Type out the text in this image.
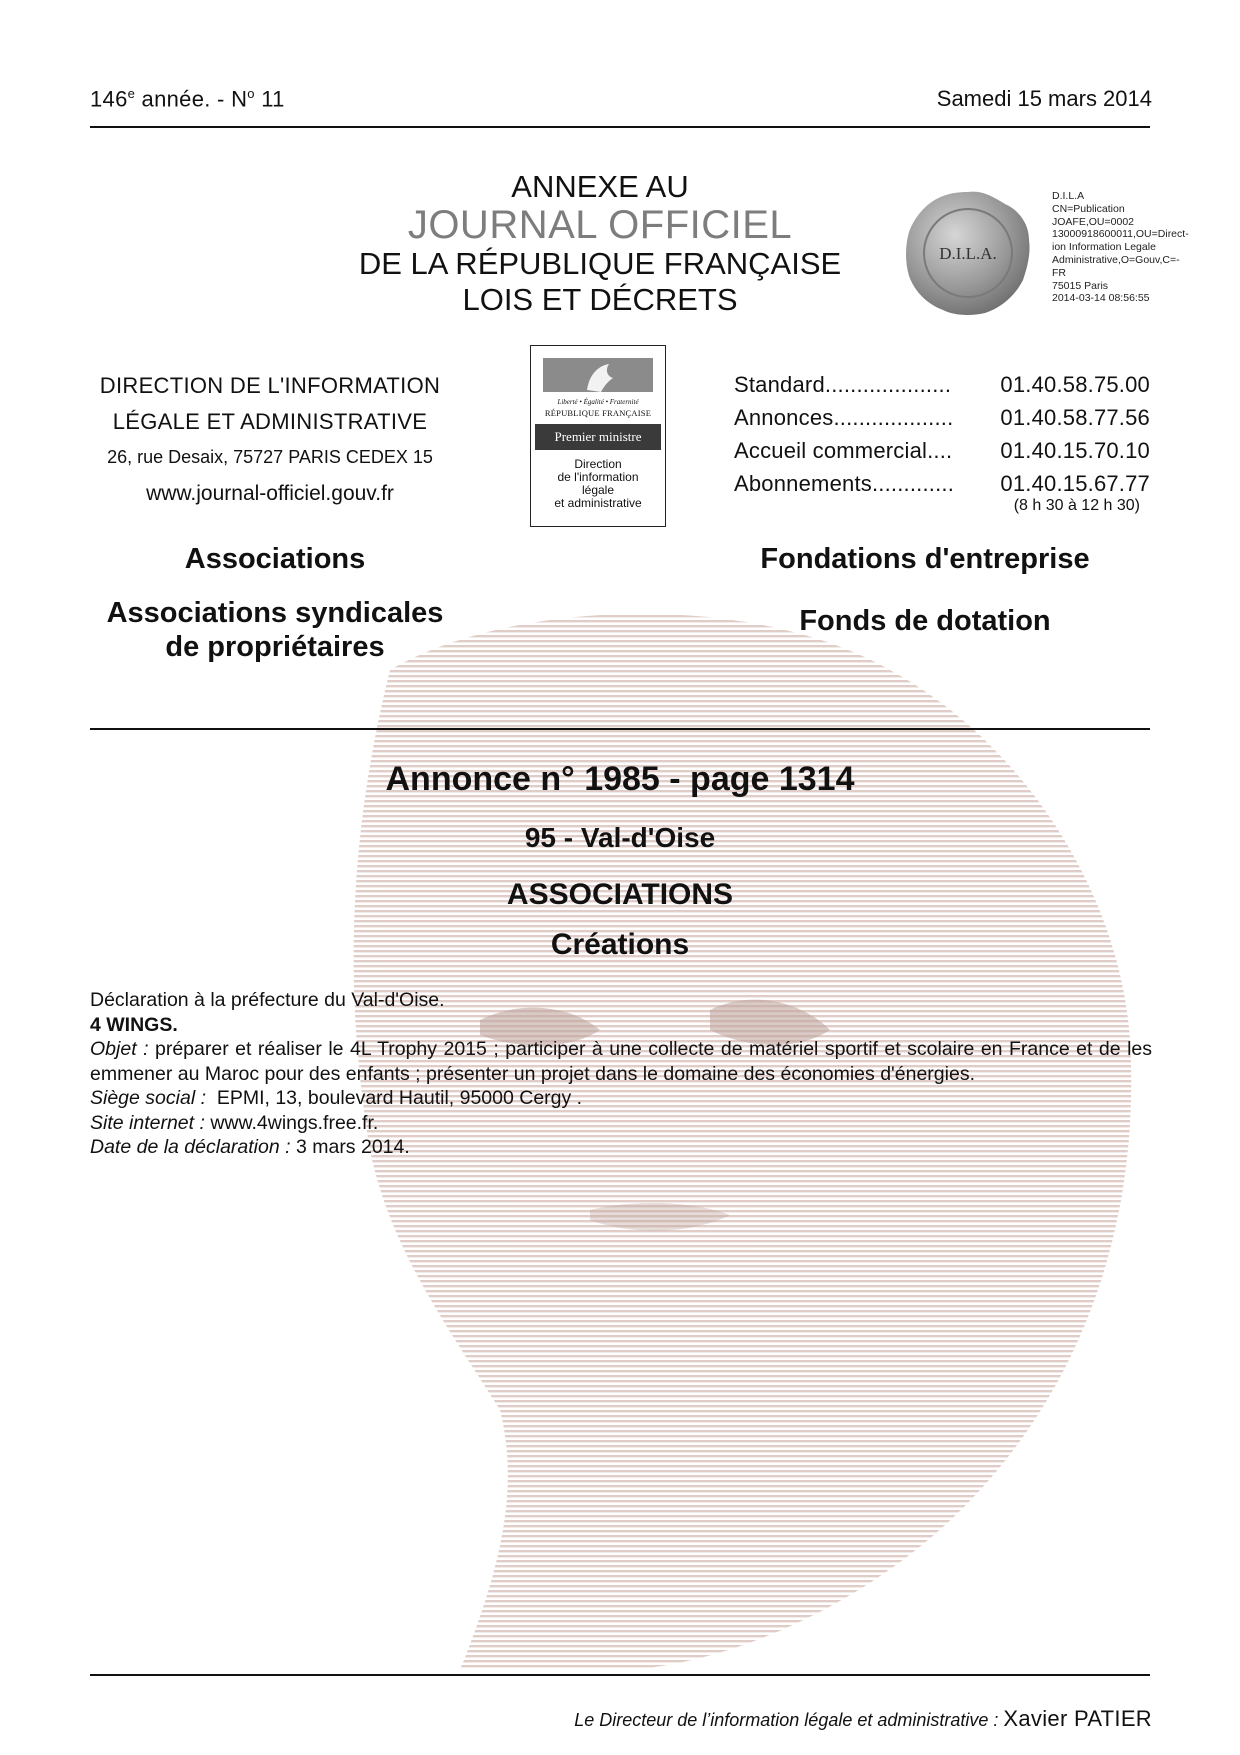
146e année. - $N^o$ 11	Samedi 15 mars 2014
ANNEXE AU
JOURNAL OFFICIEL
DE LA RÉPUBLIQUE FRANÇAISE
LOIS ET DÉCRETS
D.I.L.A.
D.I.L.A
CN=Publication
JOAFE,OU=0002
13000918600011,OU=Direct-
ion Information Legale
Administrative,O=Gouv,C=-
FR
75015 Paris
2014-03-14 08:56:55
DIRECTION DE L'INFORMATION
LÉGALE ET ADMINISTRATIVE
26, rue Desaix, 75727 PARIS CEDEX 15
www.journal-officiel.gouv.fr
Liberté • Égalité • Fraternité
RÉPUBLIQUE FRANÇAISE
Premier ministre
Direction
de l'information
légale
et administrative
Standard ....................	01.40.58.75.00
Annonces ...................	01.40.58.77.56
Accueil commercial ....	01.40.15.70.10
Abonnements .............	01.40.15.67.77
(8 h 30 à 12 h 30)
Associations
Associations syndicales
de propriétaires
Fondations d'entreprise
Fonds de dotation
Annonce n° 1985 - page 1314
95 - Val-d'Oise
ASSOCIATIONS
Créations
Déclaration à la préfecture du Val-d'Oise.
4 WINGS.
Objet : préparer et réaliser le 4L Trophy 2015 ; participer à une collecte de matériel sportif et scolaire en France et de les emmener au Maroc pour des enfants ; présenter un projet dans le domaine des économies d'énergies.
Siège social :  EPMI, 13, boulevard Hautil, 95000 Cergy .
Site internet : www.4wings.free.fr.
Date de la déclaration : 3 mars 2014.
Le Directeur de l’information légale et administrative : Xavier PATIER
